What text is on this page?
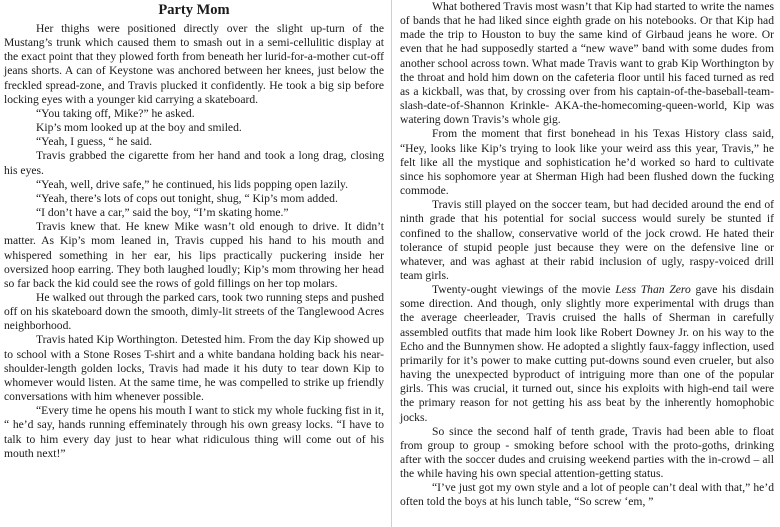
Party Mom

Her thighs were positioned directly over the slight up-turn of the Mustang’s trunk which caused them to smash out in a semi-cellulitic display at the exact point that they plowed forth from beneath her lurid-for-a-mother cut-off jeans shorts. A can of Keystone was anchored between her knees, just below the freckled spread-zone, and Travis plucked it confidently. He took a big sip before locking eyes with a younger kid carrying a skateboard.

“You taking off, Mike?” he asked.

Kip’s mom looked up at the boy and smiled.

“Yeah, I guess, “ he said.

Travis grabbed the cigarette from her hand and took a long drag, closing his eyes.

“Yeah, well, drive safe,” he continued, his lids popping open lazily.

“Yeah, there’s lots of cops out tonight, shug, “ Kip’s mom added.

“I don’t have a car,” said the boy, “I’m skating home.”

Travis knew that. He knew Mike wasn’t old enough to drive. It didn’t matter. As Kip’s mom leaned in, Travis cupped his hand to his mouth and whispered something in her ear, his lips practically puckering inside her oversized hoop earring. They both laughed loudly; Kip’s mom throwing her head so far back the kid could see the rows of gold fillings on her top molars.

He walked out through the parked cars, took two running steps and pushed off on his skateboard down the smooth, dimly-lit streets of the Tanglewood Acres neighborhood.

Travis hated Kip Worthington. Detested him. From the day Kip showed up to school with a Stone Roses T-shirt and a white bandana holding back his near-shoulder-length golden locks, Travis had made it his duty to tear down Kip to whomever would listen. At the same time, he was compelled to strike up friendly conversations with him whenever possible.

“Every time he opens his mouth I want to stick my whole fucking fist in it, “ he’d say, hands running effeminately through his own greasy locks. “I have to talk to him every day just to hear what ridiculous thing will come out of his mouth next!”

What bothered Travis most wasn’t that Kip had started to write the names of bands that he had liked since eighth grade on his notebooks. Or that Kip had made the trip to Houston to buy the same kind of Girbaud jeans he wore. Or even that he had supposedly started a “new wave” band with some dudes from another school across town. What made Travis want to grab Kip Worthington by the throat and hold him down on the cafeteria floor until his faced turned as red as a kickball, was that, by crossing over from his captain-of-the-baseball-team-slash-date-of-Shannon Krinkle- AKA-the-homecoming-queen-world, Kip was watering down Travis’s whole gig.

From the moment that first bonehead in his Texas History class said, “Hey, looks like Kip’s trying to look like your weird ass this year, Travis,” he felt like all the mystique and sophistication he’d worked so hard to cultivate since his sophomore year at Sherman High had been flushed down the fucking commode.

Travis still played on the soccer team, but had decided around the end of ninth grade that his potential for social success would surely be stunted if confined to the shallow, conservative world of the jock crowd. He hated their tolerance of stupid people just because they were on the defensive line or whatever, and was aghast at their rabid inclusion of ugly, raspy-voiced drill team girls.

Twenty-ought viewings of the movie Less Than Zero gave his disdain some direction. And though, only slightly more experimental with drugs than the average cheerleader, Travis cruised the halls of Sherman in carefully assembled outfits that made him look like Robert Downey Jr. on his way to the Echo and the Bunnymen show. He adopted a slightly faux-faggy inflection, used primarily for it’s power to make cutting put-downs sound even crueler, but also having the unexpected byproduct of intriguing more than one of the popular girls. This was crucial, it turned out, since his exploits with high-end tail were the primary reason for not getting his ass beat by the inherently homophobic jocks.

So since the second half of tenth grade, Travis had been able to float from group to group - smoking before school with the proto-goths, drinking after with the soccer dudes and cruising weekend parties with the in-crowd – all the while having his own special attention-getting status.

“I’ve just got my own style and a lot of people can’t deal with that,” he’d often told the boys at his lunch table, “So screw ‘em, ”
